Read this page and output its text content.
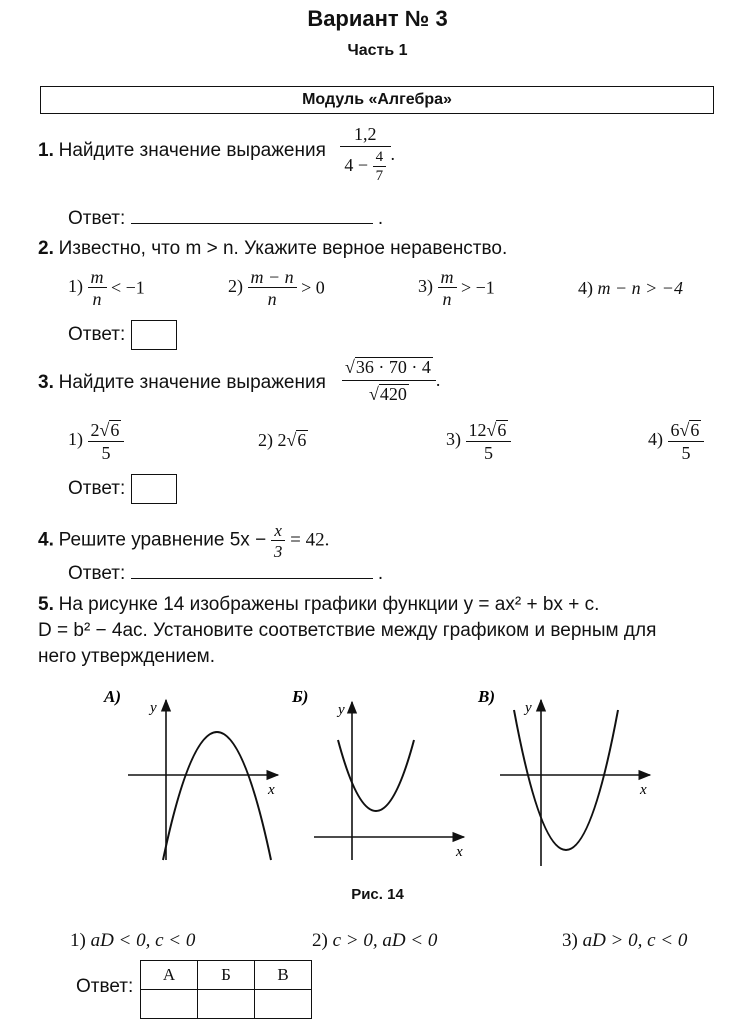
Вариант № 3
Часть 1
Модуль «Алгебра»
1. Найдите значение выражения $\frac{1,2}{4 - \frac{4}{7}}$ .
Ответ:	.
2. Известно, что m > n. Укажите верное неравенство.
$1) \frac{m}{n} < -1$	$2) \frac{m - n}{n} > 0$	$3) \frac{m}{n} > -1$	4) m − n > −4
Ответ:
3. Найдите значение выражения $\frac{√36 \cdot 70 \cdot 4}{√420}$ .
$1) \frac{2√6}{5}$	2) 2√6	$3) \frac{12√6}{5}$	$4) \frac{6√6}{5}$
Ответ:
4. Решите уравнение $5x - \frac{x}{3} = 42$.
Ответ:	.
5. На рисунке 14 изображены графики функции y = ax² + bx + c.
D = b² − 4ac. Установите соответствие между графиком и верным для
него утверждением.
А)
y
x
Б)
y
x
В)
y
x
Рис. 14
1) aD < 0, c < 0	2) c > 0, aD < 0	3) aD > 0, c < 0
Ответ:
А	Б	В
